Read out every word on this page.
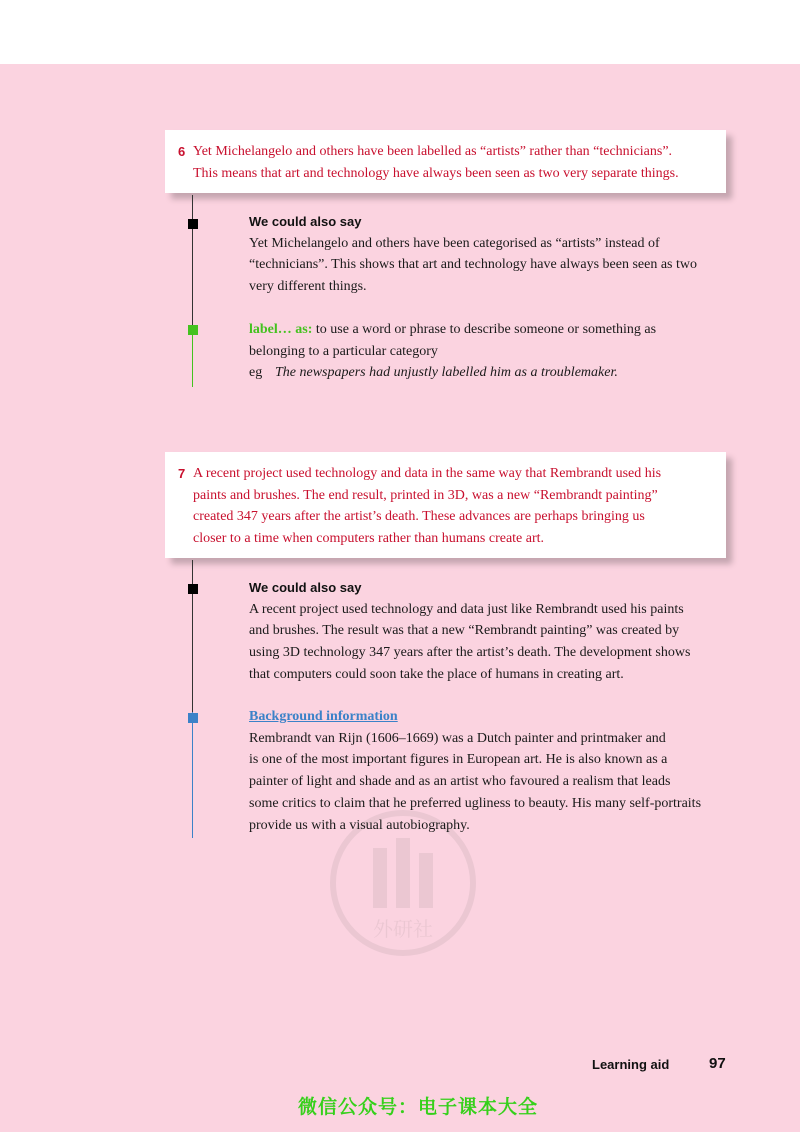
外研社
6 Yet Michelangelo and others have been labelled as “artists” rather than “technicians”.
This means that art and technology have always been seen as two very separate things.
We could also say
Yet Michelangelo and others have been categorised as “artists” instead of
“technicians”. This shows that art and technology have always been seen as two
very different things.
label… as: to use a word or phrase to describe someone or something as
belonging to a particular category
eg The newspapers had unjustly labelled him as a troublemaker.
7 A recent project used technology and data in the same way that Rembrandt used his
paints and brushes. The end result, printed in 3D, was a new “Rembrandt painting”
created 347 years after the artist’s death. These advances are perhaps bringing us
closer to a time when computers rather than humans create art.
We could also say
A recent project used technology and data just like Rembrandt used his paints
and brushes. The result was that a new “Rembrandt painting” was created by
using 3D technology 347 years after the artist’s death. The development shows
that computers could soon take the place of humans in creating art.
Background information
Rembrandt van Rijn (1606–1669) was a Dutch painter and printmaker and
is one of the most important figures in European art. He is also known as a
painter of light and shade and as an artist who favoured a realism that leads
some critics to claim that he preferred ugliness to beauty. His many self-portraits
provide us with a visual autobiography.
Learning aid	97
微信公众号：电子课本大全
